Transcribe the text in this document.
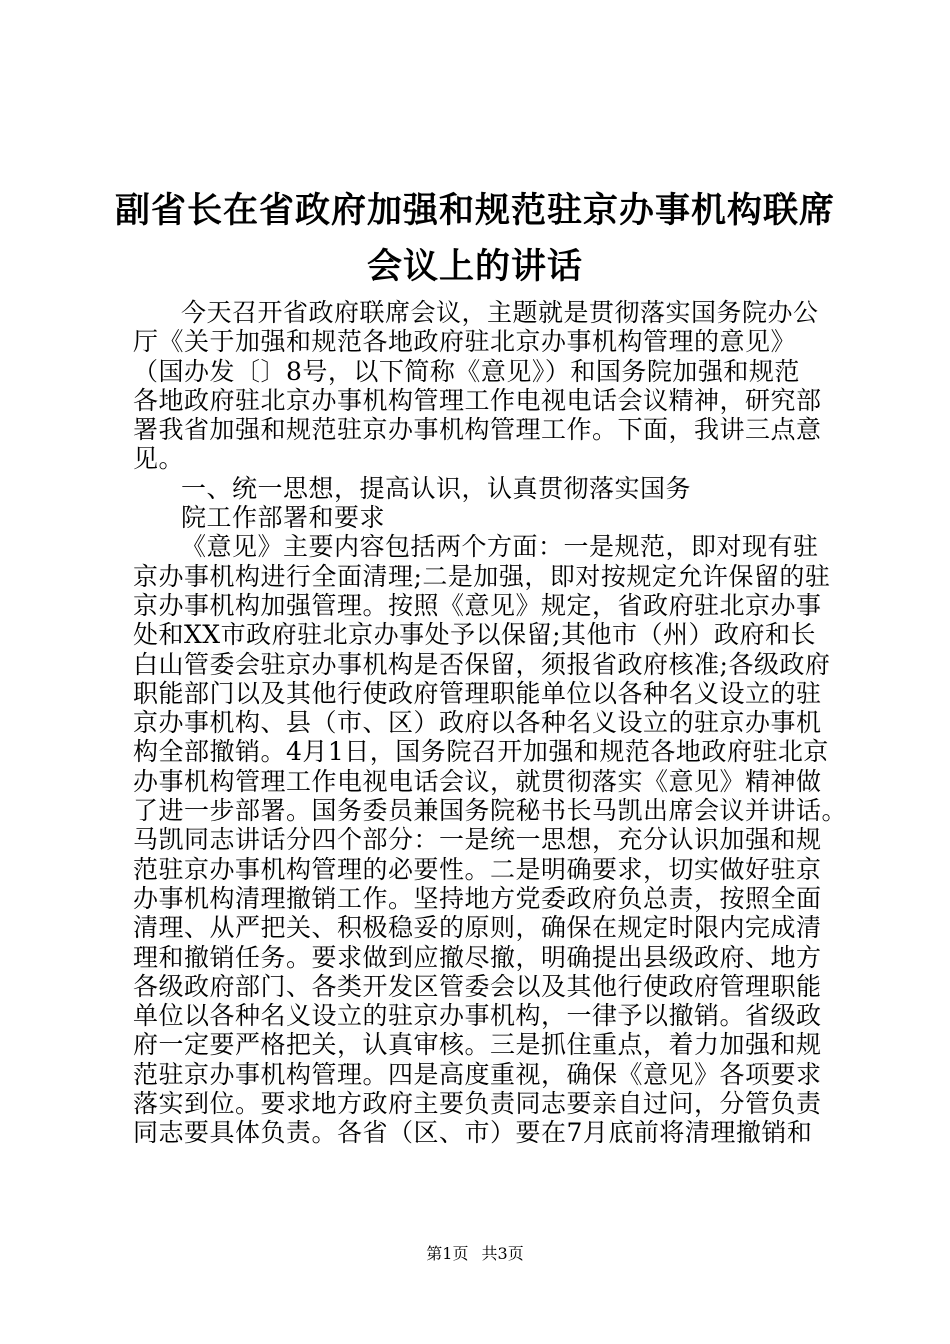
副省长在省政府加强和规范驻京办事机构联席
会议上的讲话
今天召开省政府联席会议，主题就是贯彻落实国务院办公
厅《关于加强和规范各地政府驻北京办事机构管理的意见》
（国办发〔〕8号，以下简称《意见》）和国务院加强和规范
各地政府驻北京办事机构管理工作电视电话会议精神，研究部
署我省加强和规范驻京办事机构管理工作。下面，我讲三点意
见。
一、统一思想，提高认识，认真贯彻落实国务
院工作部署和要求
《意见》主要内容包括两个方面：一是规范，即对现有驻
京办事机构进行全面清理;二是加强，即对按规定允许保留的驻
京办事机构加强管理。按照《意见》规定，省政府驻北京办事
处和XX市政府驻北京办事处予以保留;其他市（州）政府和长
白山管委会驻京办事机构是否保留，须报省政府核准;各级政府
职能部门以及其他行使政府管理职能单位以各种名义设立的驻
京办事机构、县（市、区）政府以各种名义设立的驻京办事机
构全部撤销。4月1日，国务院召开加强和规范各地政府驻北京
办事机构管理工作电视电话会议，就贯彻落实《意见》精神做
了进一步部署。国务委员兼国务院秘书长马凯出席会议并讲话。
马凯同志讲话分四个部分：一是统一思想，充分认识加强和规
范驻京办事机构管理的必要性。二是明确要求，切实做好驻京
办事机构清理撤销工作。坚持地方党委政府负总责，按照全面
清理、从严把关、积极稳妥的原则，确保在规定时限内完成清
理和撤销任务。要求做到应撤尽撤，明确提出县级政府、地方
各级政府部门、各类开发区管委会以及其他行使政府管理职能
单位以各种名义设立的驻京办事机构，一律予以撤销。省级政
府一定要严格把关，认真审核。三是抓住重点，着力加强和规
范驻京办事机构管理。四是高度重视，确保《意见》各项要求
落实到位。要求地方政府主要负责同志要亲自过问，分管负责
同志要具体负责。各省（区、市）要在7月底前将清理撤销和
第1页 共3页
